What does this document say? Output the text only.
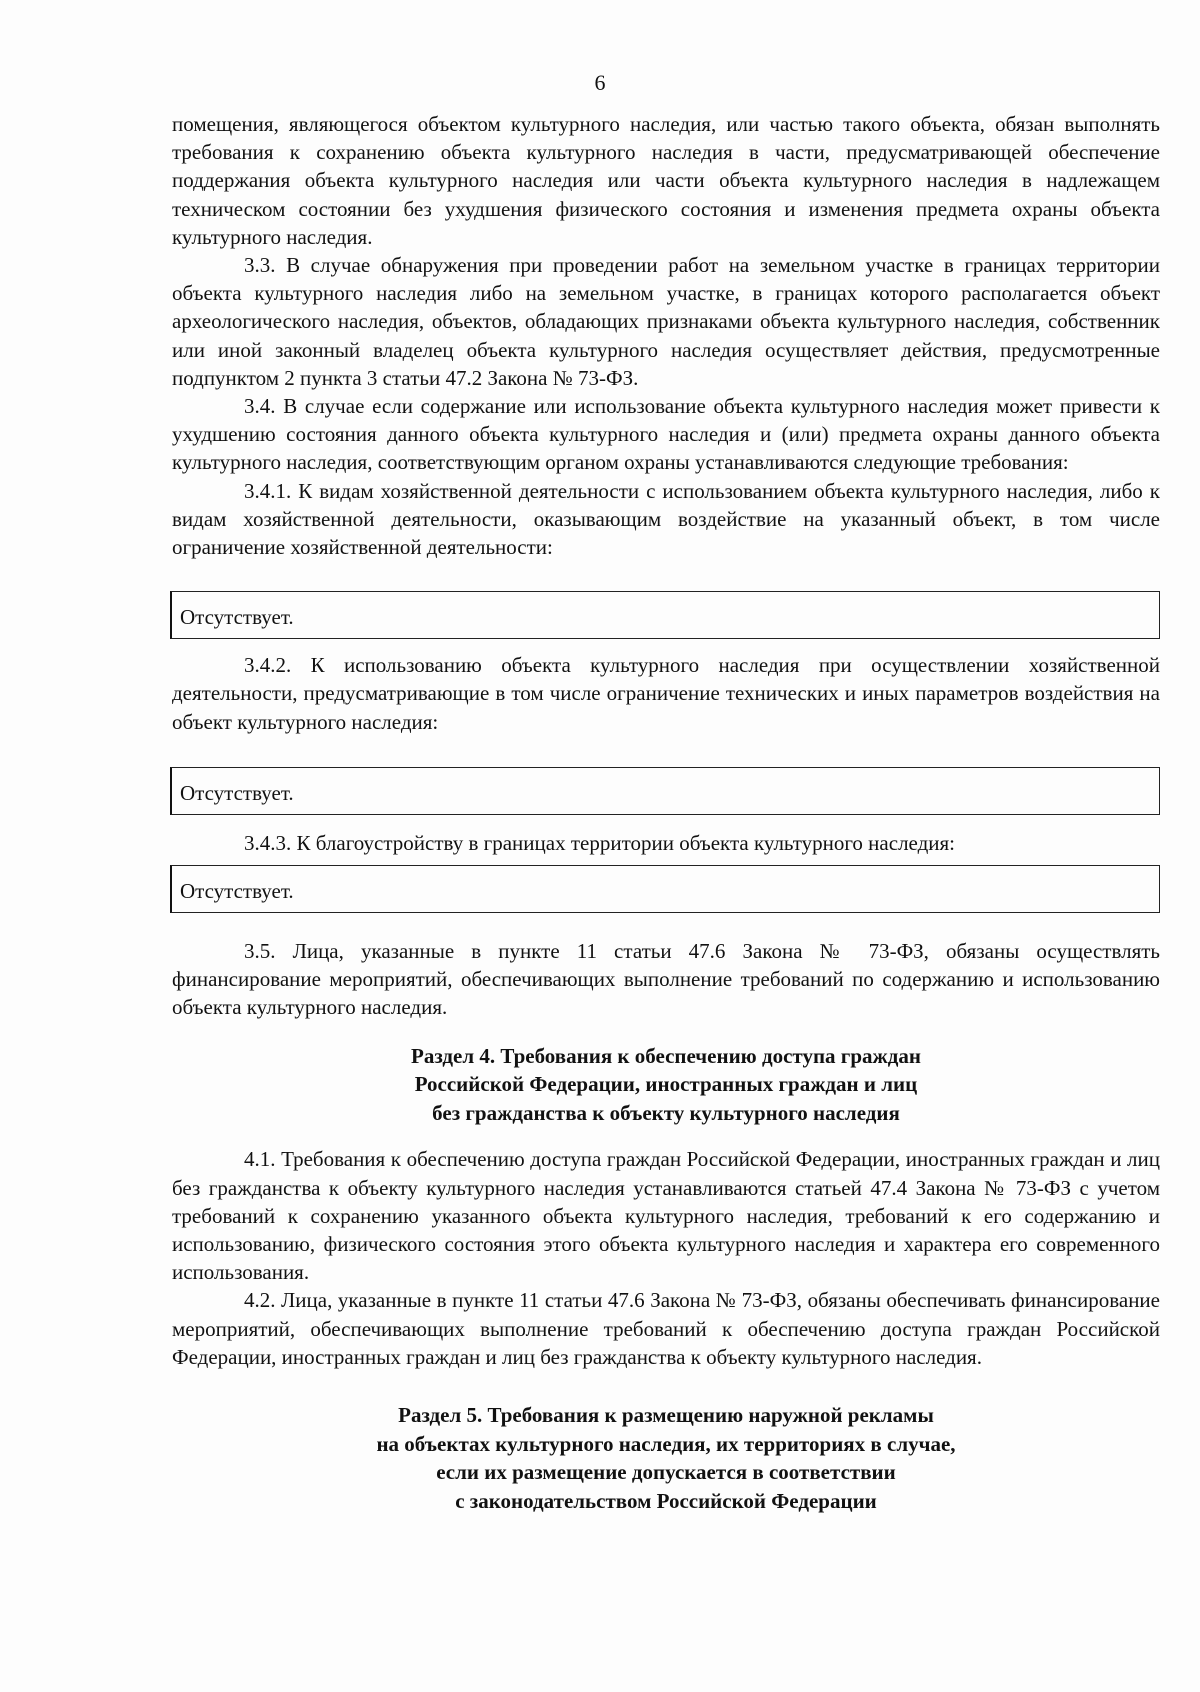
6

помещения, являющегося объектом культурного наследия, или частью такого объекта, обязан выполнять требования к сохранению объекта культурного наследия в части, предусматривающей обеспечение поддержания объекта культурного наследия или части объекта культурного наследия в надлежащем техническом состоянии без ухудшения физического состояния и изменения предмета охраны объекта культурного наследия.

3.3. В случае обнаружения при проведении работ на земельном участке в границах территории объекта культурного наследия либо на земельном участке, в границах которого располагается объект археологического наследия, объектов, обладающих признаками объекта культурного наследия, собственник или иной законный владелец объекта культурного наследия осуществляет действия, предусмотренные подпунктом 2 пункта 3 статьи 47.2 Закона № 73-ФЗ.

3.4. В случае если содержание или использование объекта культурного наследия может привести к ухудшению состояния данного объекта культурного наследия и (или) предмета охраны данного объекта культурного наследия, соответствующим органом охраны устанавливаются следующие требования:

3.4.1. К видам хозяйственной деятельности с использованием объекта культурного наследия, либо к видам хозяйственной деятельности, оказывающим воздействие на указанный объект, в том числе ограничение хозяйственной деятельности:

Отсутствует.

3.4.2. К использованию объекта культурного наследия при осуществлении хозяйственной деятельности, предусматривающие в том числе ограничение технических и иных параметров воздействия на объект культурного наследия:

Отсутствует.

3.4.3. К благоустройству в границах территории объекта культурного наследия:

Отсутствует.

3.5. Лица, указанные в пункте 11 статьи 47.6 Закона № 73-ФЗ, обязаны осуществлять финансирование мероприятий, обеспечивающих выполнение требований по содержанию и использованию объекта культурного наследия.

Раздел 4. Требования к обеспечению доступа граждан

Российской Федерации, иностранных граждан и лиц

без гражданства к объекту культурного наследия

4.1. Требования к обеспечению доступа граждан Российской Федерации, иностранных граждан и лиц без гражданства к объекту культурного наследия устанавливаются статьей 47.4 Закона № 73-ФЗ с учетом требований к сохранению указанного объекта культурного наследия, требований к его содержанию и использованию, физического состояния этого объекта культурного наследия и характера его современного использования.

4.2. Лица, указанные в пункте 11 статьи 47.6 Закона № 73-ФЗ, обязаны обеспечивать финансирование мероприятий, обеспечивающих выполнение требований к обеспечению доступа граждан Российской Федерации, иностранных граждан и лиц без гражданства к объекту культурного наследия.

Раздел 5. Требования к размещению наружной рекламы

на объектах культурного наследия, их территориях в случае,

если их размещение допускается в соответствии

с законодательством Российской Федерации
